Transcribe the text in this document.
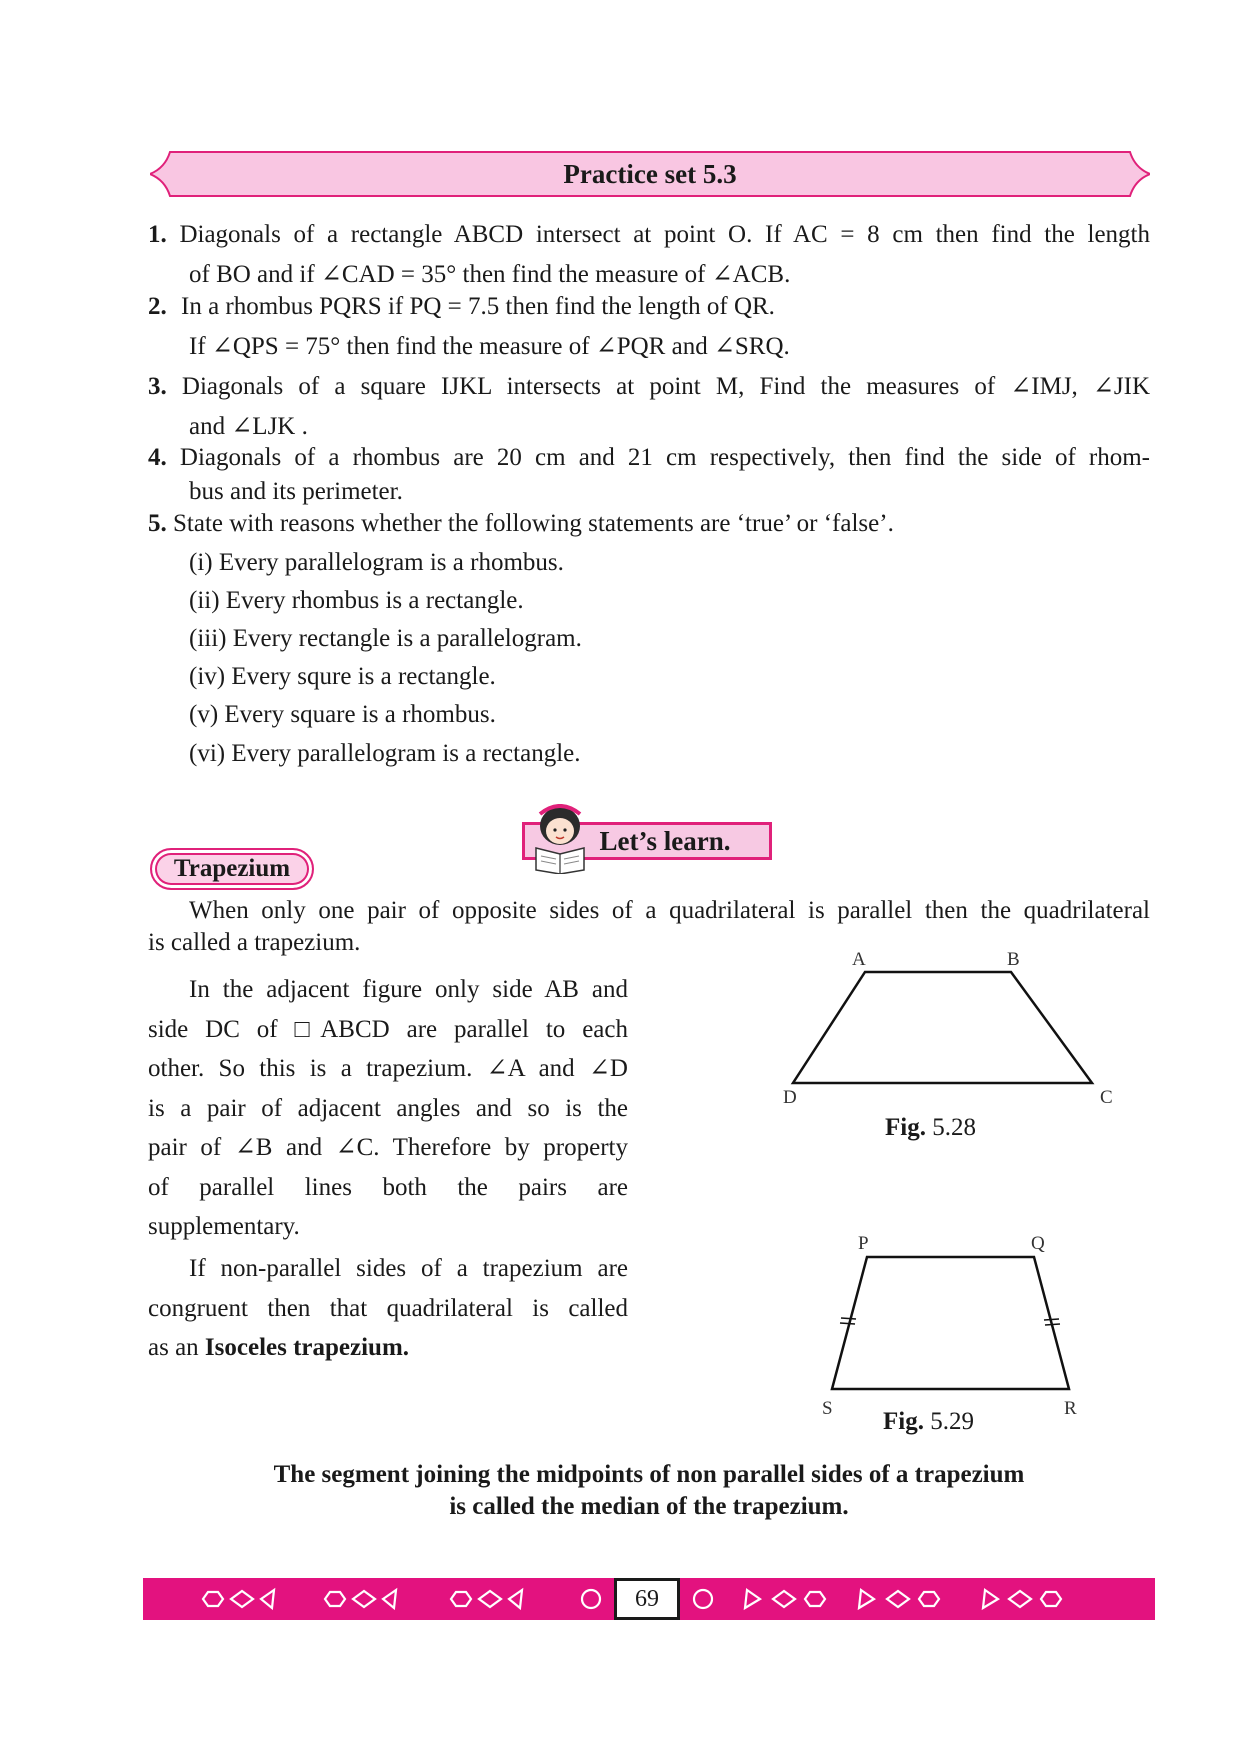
Practice set 5.3
1. Diagonals of a rectangle ABCD intersect at point O. If AC = 8 cm then find the length
of BO and if ∠CAD = 35° then find the measure of ∠ACB.
2. In a rhombus PQRS if PQ = 7.5 then find the length of QR.
If ∠QPS = 75° then find the measure of ∠PQR and ∠SRQ.
3. Diagonals of a square IJKL intersects at point M, Find the measures of ∠IMJ, ∠JIK
and ∠LJK .
4. Diagonals of a rhombus are 20 cm and 21 cm respectively, then find the side of rhom-
bus and its perimeter.
5. State with reasons whether the following statements are ‘true’ or ‘false’.
(i) Every parallelogram is a rhombus.
(ii) Every rhombus is a rectangle.
(iii) Every rectangle is a parallelogram.
(iv) Every squre is a rectangle.
(v) Every square is a rhombus.
(vi) Every parallelogram is a rectangle.
Let’s learn.
Trapezium
When only one pair of opposite sides of a quadrilateral is parallel then the quadrilateral
is called a trapezium.
In the adjacent figure only side AB and
side DC of □ABCD are parallel to each
other. So this is a trapezium. ∠A and ∠D
is a pair of adjacent angles and so is the
pair of ∠B and ∠C. Therefore by property
of parallel lines both the pairs are
supplementary.
If non-parallel sides of a trapezium are
congruent then that quadrilateral is called
as an Isoceles trapezium.
A	B
C
D
Fig. 5.28
P	Q
R
S Fig. 5.29
The segment joining the midpoints of non parallel sides of a trapezium
is called the median of the trapezium.
69
